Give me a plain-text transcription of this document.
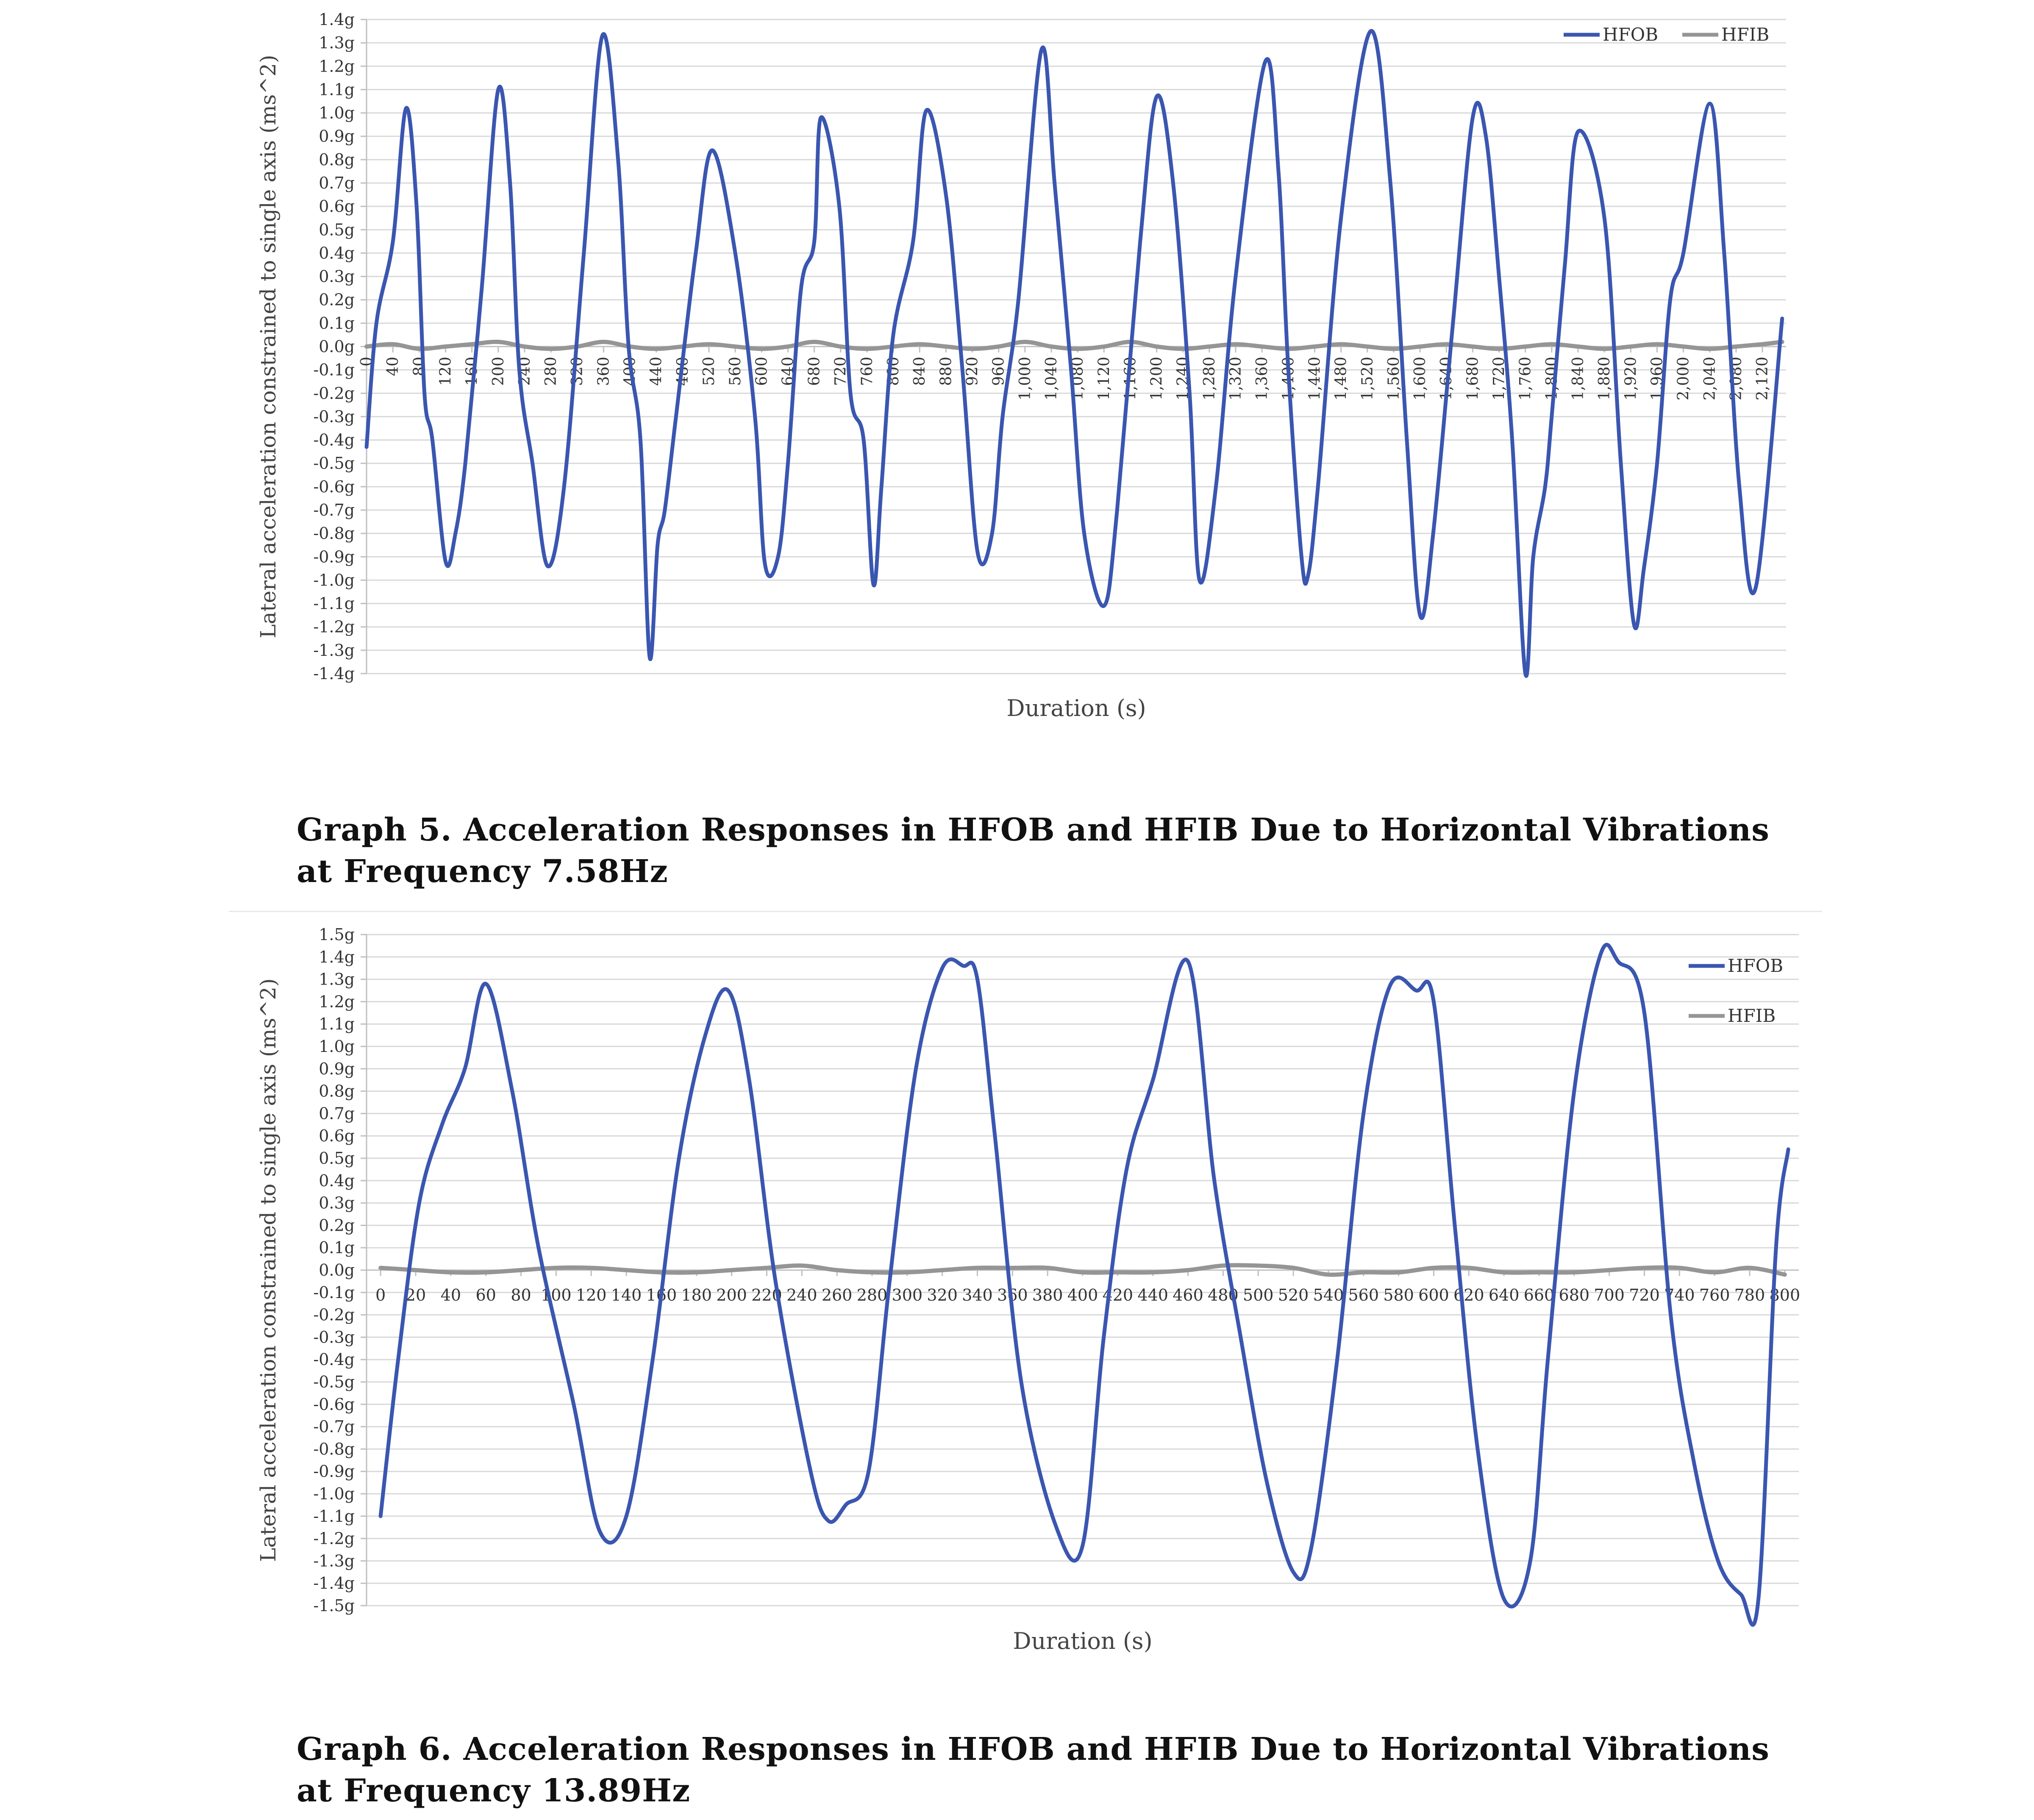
1.4g
1.3g
1.2g
1.1g
1.0g
0.9g
0.8g
0.7g
0.6g
0.5g
0.4g
0.3g
0.2g
0.1g
0.0g
-0.1g
-0.2g
-0.3g
-0.4g
-0.5g
-0.6g
-0.7g
-0.8g
-0.9g
-1.0g
-1.1g
-1.2g
-1.3g
-1.4g
0 40 80 120 160 200 240 280 320 360 400 440 480 520 560 600 640 680 720 760 800 840 880 920 960 1,000 1,040 1,080 1,120 1,160 1,200 1,240 1,280 1,320 1,360 1,400 1,440 1,480 1,520 1,560 1,600 1,640 1,680 1,720 1,760 1,800 1,840 1,880 1,920 1,960 2,000 2,040 2,080 2,120
Duration (s)
Lateral acceleration constrained to single axis (ms^2)
HFOB	HFIB
Graph 5. Acceleration Responses in HFOB and HFIB Due to Horizontal Vibrations
at Frequency 7.58Hz
1.5g
1.4g
1.3g
1.2g
1.1g
1.0g
0.9g
0.8g
0.7g
0.6g
0.5g
0.4g
0.3g
0.2g
0.1g
0.0g
-0.1g
-0.2g
-0.3g
-0.4g
-0.5g
-0.6g
-0.7g
-0.8g
-0.9g
-1.0g
-1.1g
-1.2g
-1.3g
-1.4g
-1.5g
0 20 40 60 80 100 120 140 160 180 200 220 240 260 280 300 320 340 360 380 400 420 440 460 480 500 520 540 560 580 600 620 640 660 680 700 720 740 760 780 800
Duration (s)
Lateral acceleration constrained to single axis (ms^2)
HFOB
HFIB
Graph 6. Acceleration Responses in HFOB and HFIB Due to Horizontal Vibrations
at Frequency 13.89Hz
